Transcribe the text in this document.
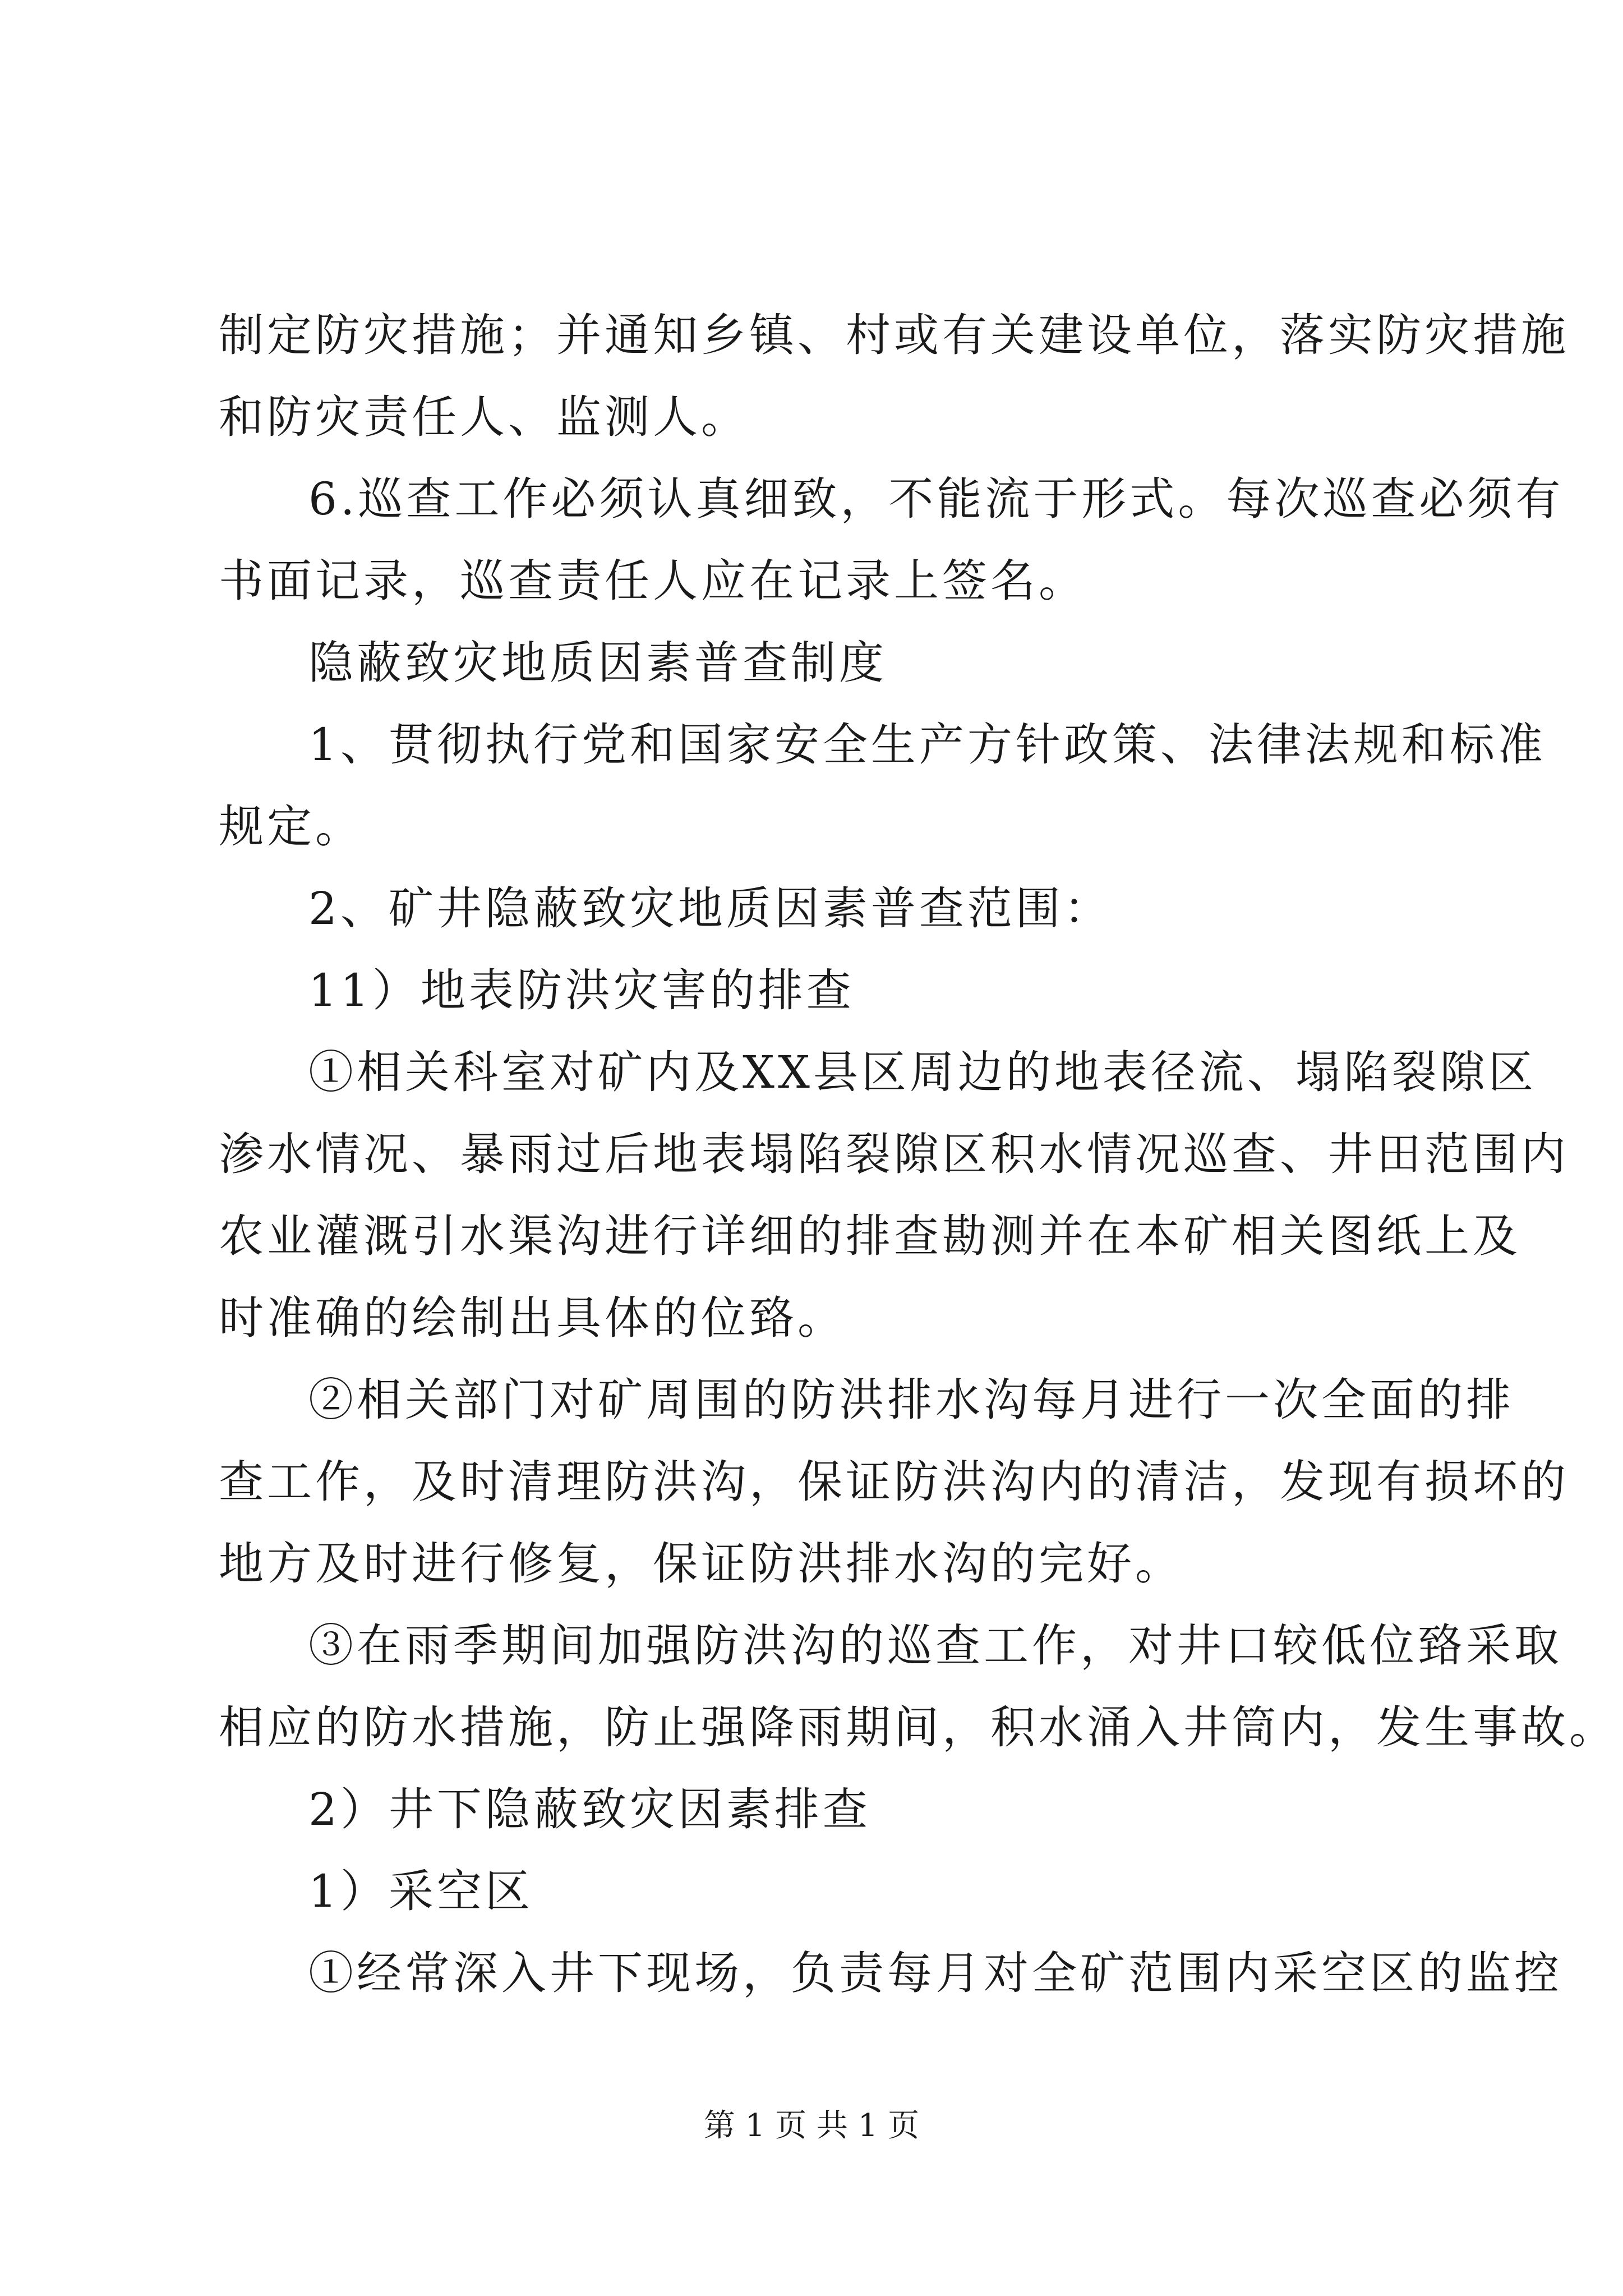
制定防灾措施；并通知乡镇、村或有关建设单位，落实防灾措施
和防灾责任人、监测人。
6.巡查工作必须认真细致，不能流于形式。每次巡查必须有
书面记录，巡查责任人应在记录上签名。
隐蔽致灾地质因素普查制度
1、贯彻执行党和国家安全生产方针政策、法律法规和标准
规定。
2、矿井隐蔽致灾地质因素普查范围：
11）地表防洪灾害的排查
①相关科室对矿内及XX县区周边的地表径流、塌陷裂隙区
渗水情况、暴雨过后地表塌陷裂隙区积水情况巡查、井田范围内
农业灌溉引水渠沟进行详细的排查勘测并在本矿相关图纸上及
时准确的绘制出具体的位臵。
②相关部门对矿周围的防洪排水沟每月进行一次全面的排
查工作，及时清理防洪沟，保证防洪沟内的清洁，发现有损坏的
地方及时进行修复，保证防洪排水沟的完好。
③在雨季期间加强防洪沟的巡查工作，对井口较低位臵采取
相应的防水措施，防止强降雨期间，积水涌入井筒内，发生事故。
2）井下隐蔽致灾因素排查
1）采空区
①经常深入井下现场，负责每月对全矿范围内采空区的监控
第 1 页 共 1 页
